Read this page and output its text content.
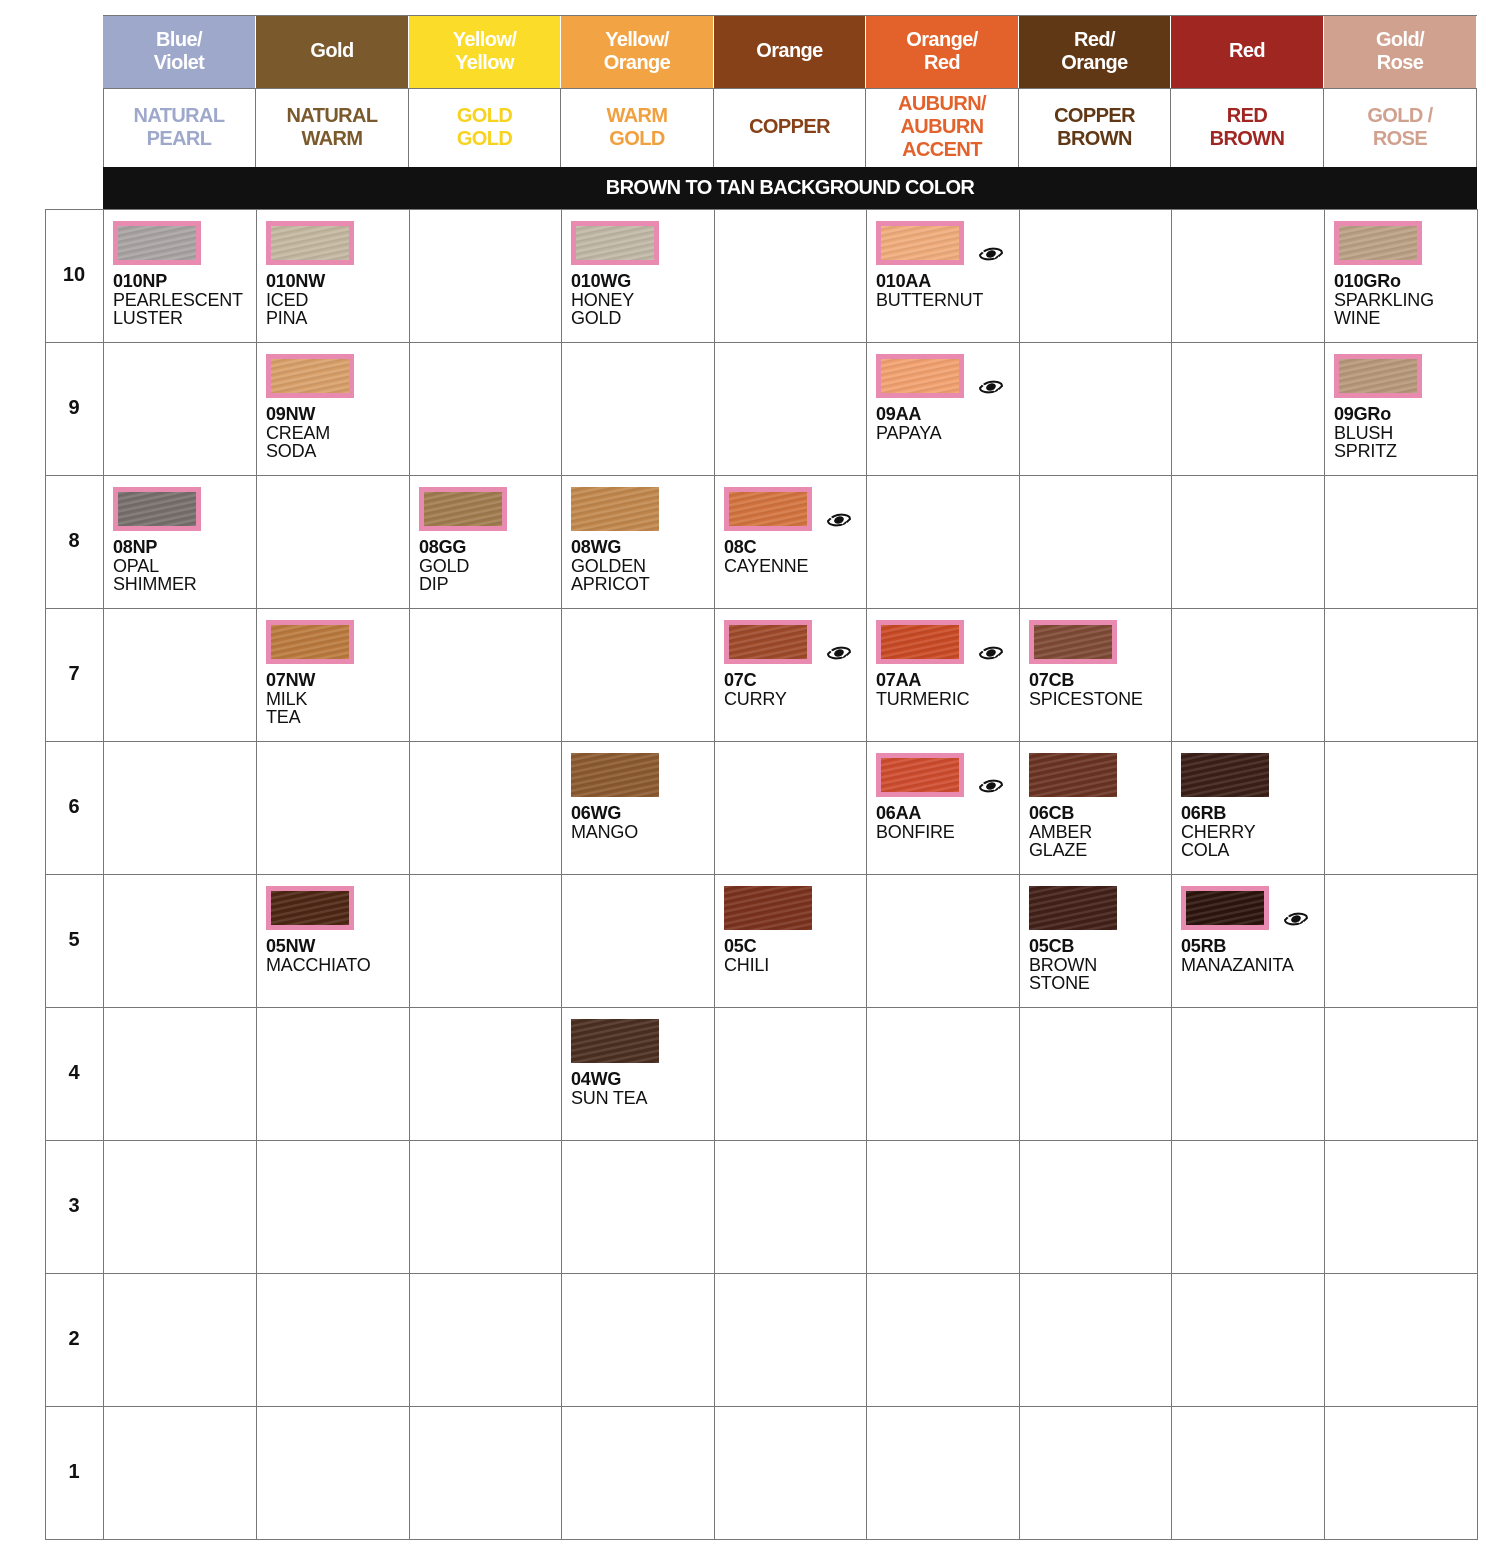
BROWN TO TAN BACKGROUND COLOR
Blue/
Violet
NATURAL
PEARL
Gold
NATURAL
WARM
Yellow/
Yellow
GOLD
GOLD
Yellow/
Orange
WARM
GOLD
Orange
COPPER
Orange/
Red
AUBURN/
AUBURN
ACCENT
Red/
Orange
COPPER
BROWN
Red
RED
BROWN
Gold/
Rose
GOLD /
ROSE
10
9
8
7
6
5
4
3
2
1
010NP
PEARLESCENT
LUSTER
010NW
ICED
PINA
010WG
HONEY
GOLD
010AA
BUTTERNUT
010GRo
SPARKLING
WINE
09NW
CREAM
SODA
09AA
PAPAYA
09GRo
BLUSH
SPRITZ
08NP
OPAL
SHIMMER
08GG
GOLD
DIP
08WG
GOLDEN
APRICOT
08C
CAYENNE
07NW
MILK
TEA
07C
CURRY
07AA
TURMERIC
07CB
SPICESTONE
06WG
MANGO
06AA
BONFIRE
06CB
AMBER
GLAZE
06RB
CHERRY
COLA
05NW
MACCHIATO
05C
CHILI
05CB
BROWN
STONE
05RB
MANAZANITA
04WG
SUN TEA
